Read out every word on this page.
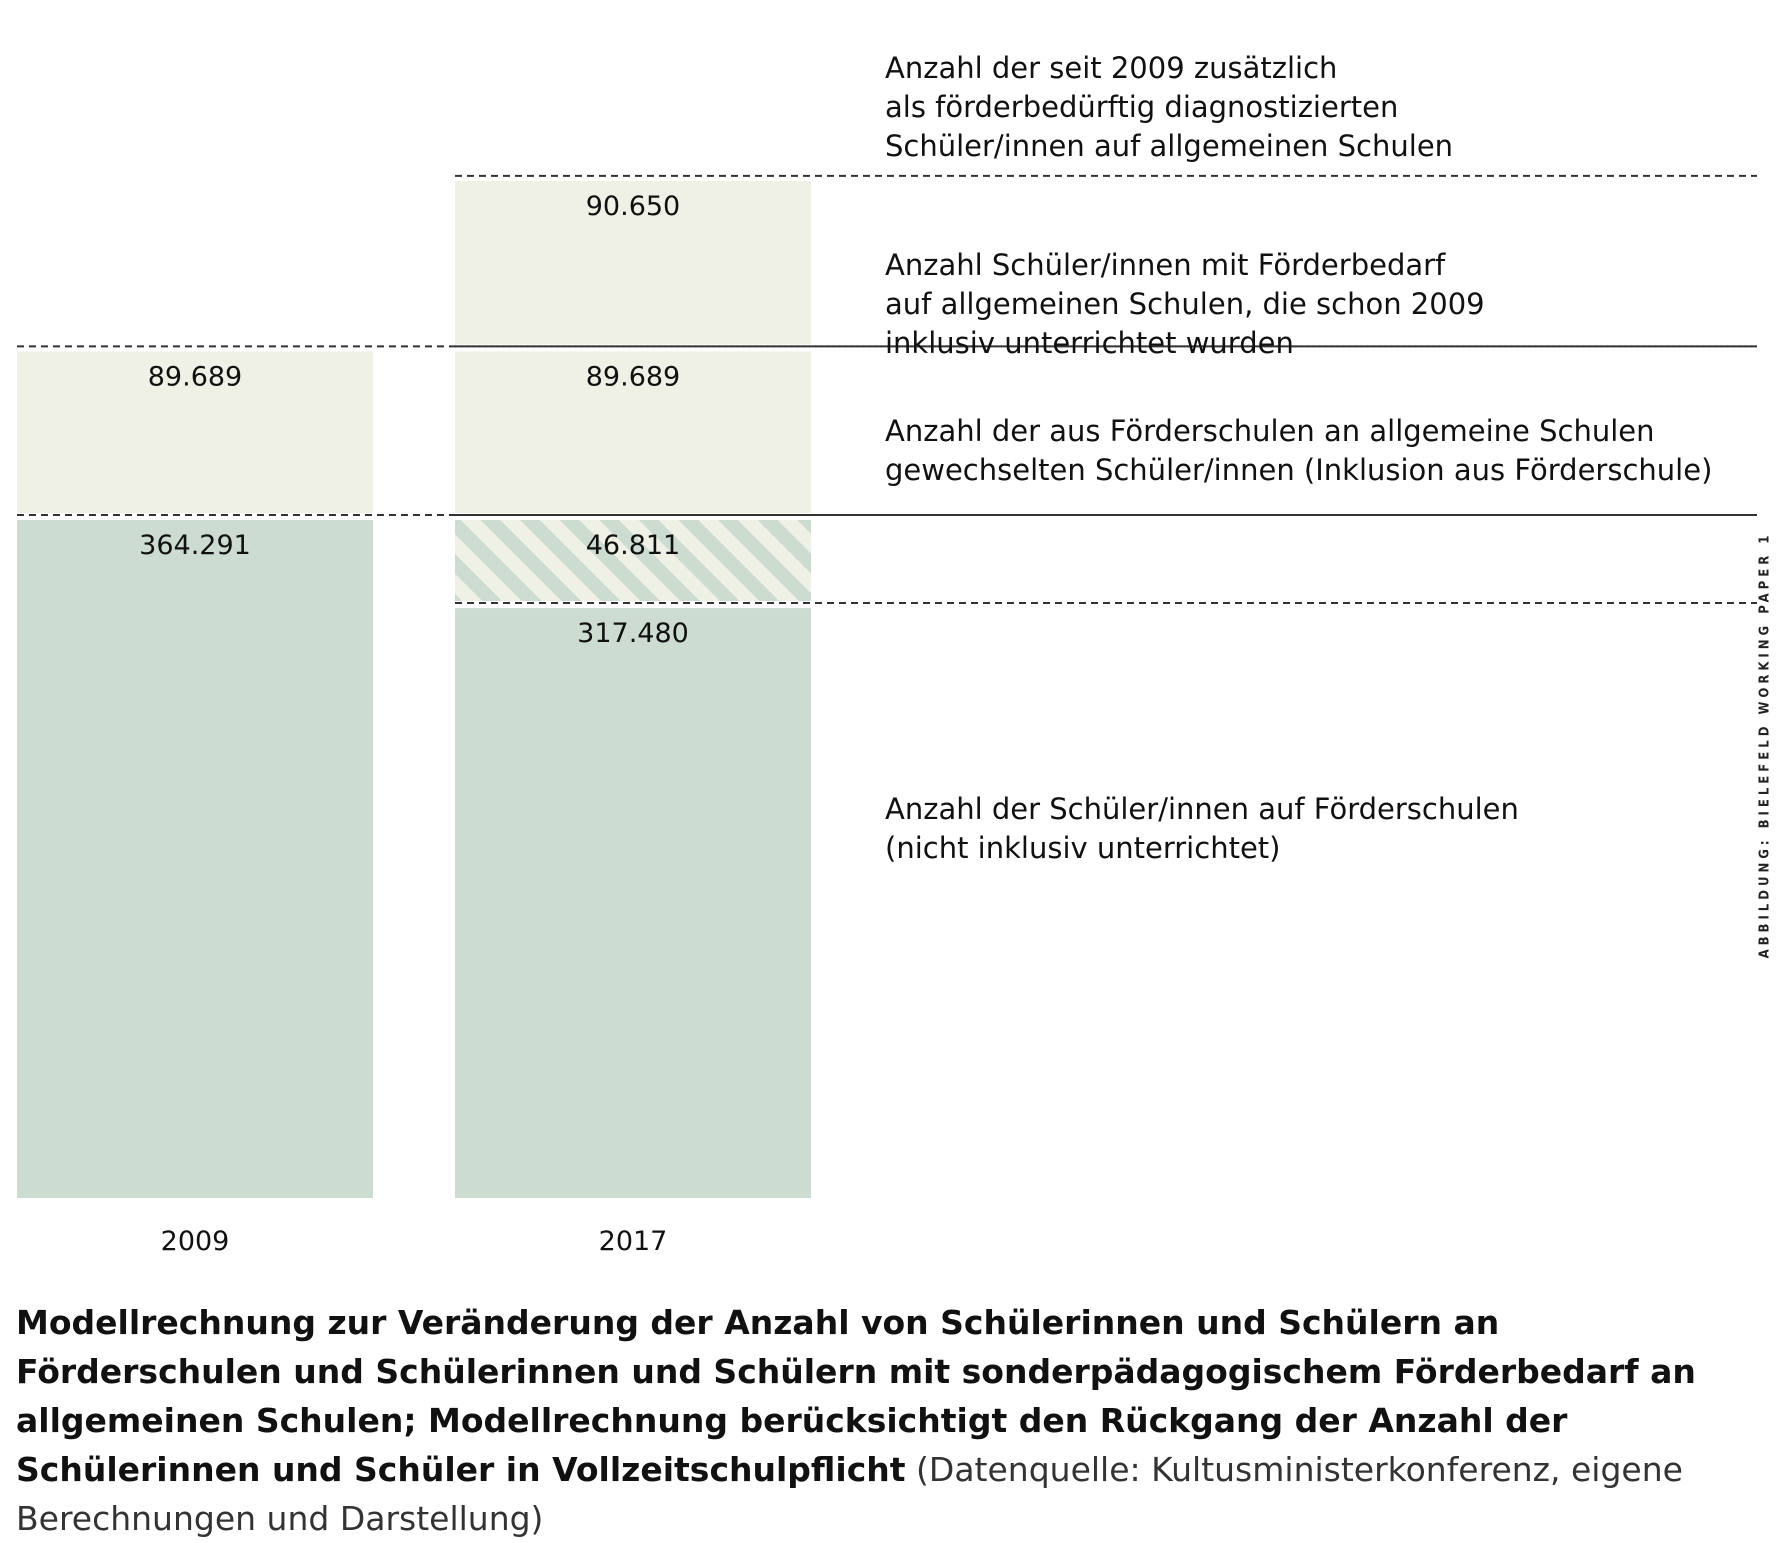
364.291
89.689
317.480
46.811
89.689
90.650
2009	2017
Anzahl der seit 2009 zusätzlich
als förderbedürftig diagnostizierten
Schüler/innen auf allgemeinen Schulen
Anzahl Schüler/innen mit Förderbedarf
auf allgemeinen Schulen, die schon 2009
inklusiv unterrichtet wurden
Anzahl der aus Förderschulen an allgemeine Schulen
gewechselten Schüler/innen (Inklusion aus Förderschule)
Anzahl der Schüler/innen auf Förderschulen
(nicht inklusiv unterrichtet)	ABBILDUNG: BIELEFELD WORKING PAPER 1

Modellrechnung zur Veränderung der Anzahl von Schülerinnen und Schülern an Förderschulen und Schülerinnen und Schülern mit sonderpädagogischem Förderbedarf an allgemeinen Schulen; Modellrechnung berücksichtigt den Rückgang der Anzahl der Schülerinnen und Schüler in Vollzeitschulpflicht (Datenquelle: Kultusministerkonferenz, eigene Berechnungen und Darstellung)
